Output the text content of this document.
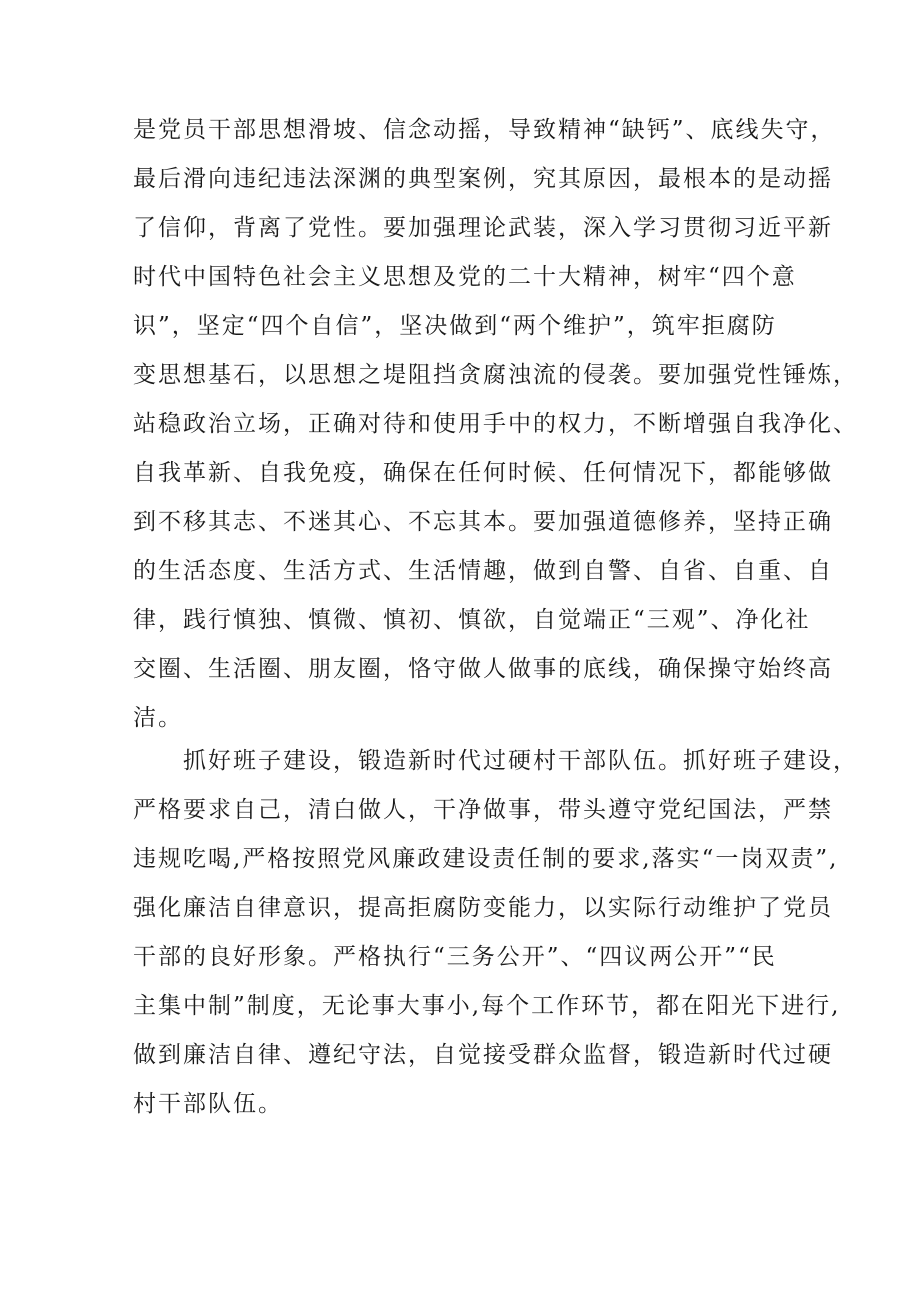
是党员干部思想滑坡、信念动摇，导致精神“缺钙”、底线失守，
最后滑向违纪违法深渊的典型案例，究其原因，最根本的是动摇
了信仰，背离了党性。要加强理论武装，深入学习贯彻习近平新
时代中国特色社会主义思想及党的二十大精神，树牢“四个意
识”，坚定“四个自信”，坚决做到“两个维护”，筑牢拒腐防
变思想基石，以思想之堤阻挡贪腐浊流的侵袭。要加强党性锤炼，
站稳政治立场，正确对待和使用手中的权力，不断增强自我净化、
自我革新、自我免疫，确保在任何时候、任何情况下，都能够做
到不移其志、不迷其心、不忘其本。要加强道德修养，坚持正确
的生活态度、生活方式、生活情趣，做到自警、自省、自重、自
律，践行慎独、慎微、慎初、慎欲，自觉端正“三观”、净化社
交圈、生活圈、朋友圈，恪守做人做事的底线，确保操守始终高
洁。
　　抓好班子建设，锻造新时代过硬村干部队伍。抓好班子建设，
严格要求自己，清白做人，干净做事，带头遵守党纪国法，严禁
违规吃喝,严格按照党风廉政建设责任制的要求,落实“一岗双责”,
强化廉洁自律意识，提高拒腐防变能力，以实际行动维护了党员
干部的良好形象。严格执行“三务公开”、“四议两公开”“民
主集中制”制度，无论事大事小,每个工作环节，都在阳光下进行,
做到廉洁自律、遵纪守法，自觉接受群众监督，锻造新时代过硬
村干部队伍。
